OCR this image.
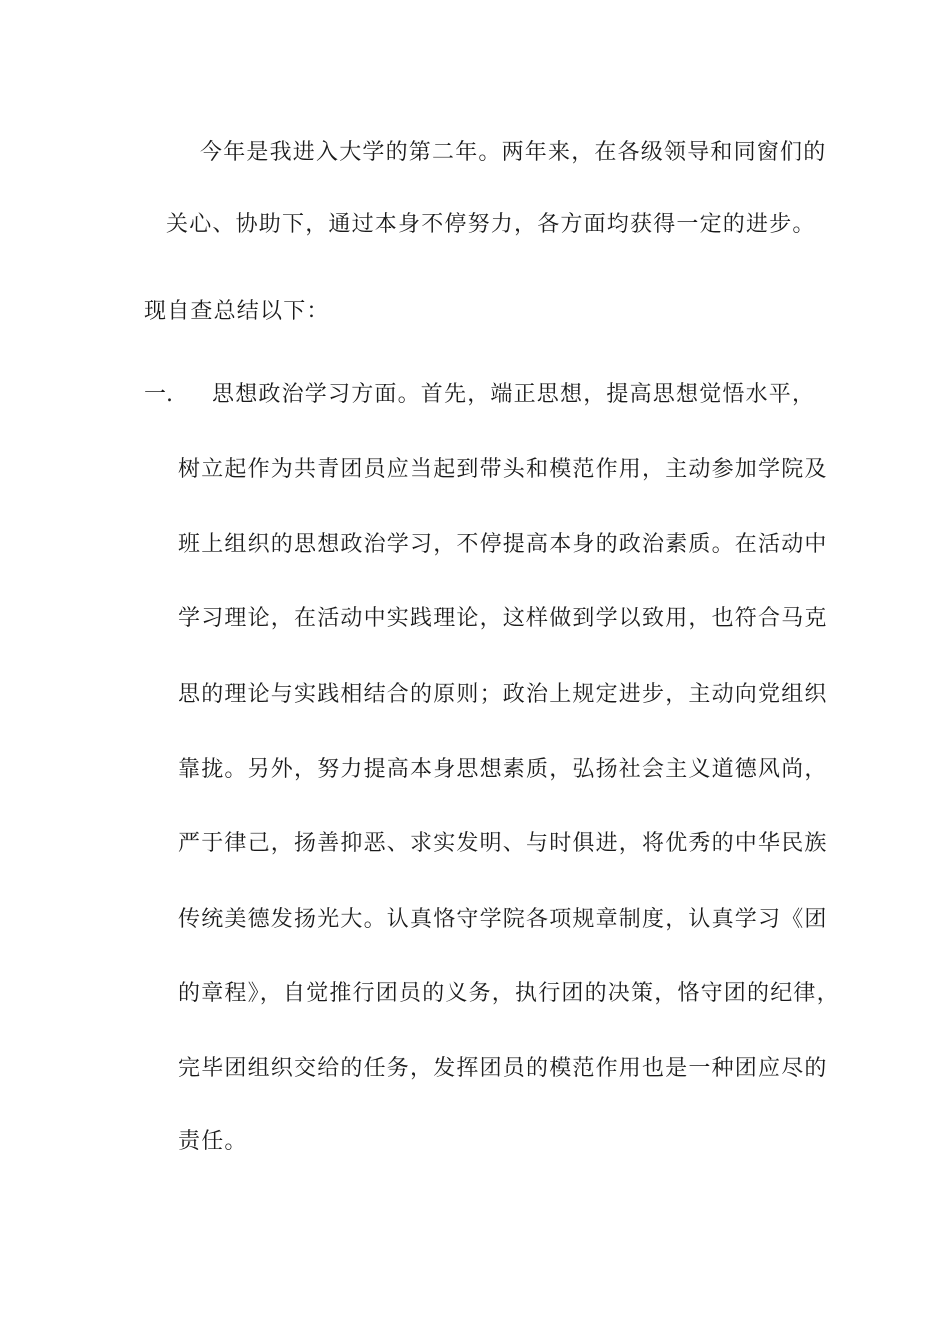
今年是我进入大学的第二年。两年来，在各级领导和同窗们的
关心、协助下，通过本身不停努力，各方面均获得一定的进步。
现自查总结以下：
一. 思想政治学习方面。首先，端正思想，提高思想觉悟水平，
树立起作为共青团员应当起到带头和模范作用，主动参加学院及
班上组织的思想政治学习，不停提高本身的政治素质。在活动中
学习理论，在活动中实践理论，这样做到学以致用，也符合马克
思的理论与实践相结合的原则；政治上规定进步，主动向党组织
靠拢。另外，努力提高本身思想素质，弘扬社会主义道德风尚，
严于律己，扬善抑恶、求实发明、与时俱进，将优秀的中华民族
传统美德发扬光大。认真恪守学院各项规章制度，认真学习《团
的章程》，自觉推行团员的义务，执行团的决策，恪守团的纪律，
完毕团组织交给的任务，发挥团员的模范作用也是一种团应尽的
责任。
